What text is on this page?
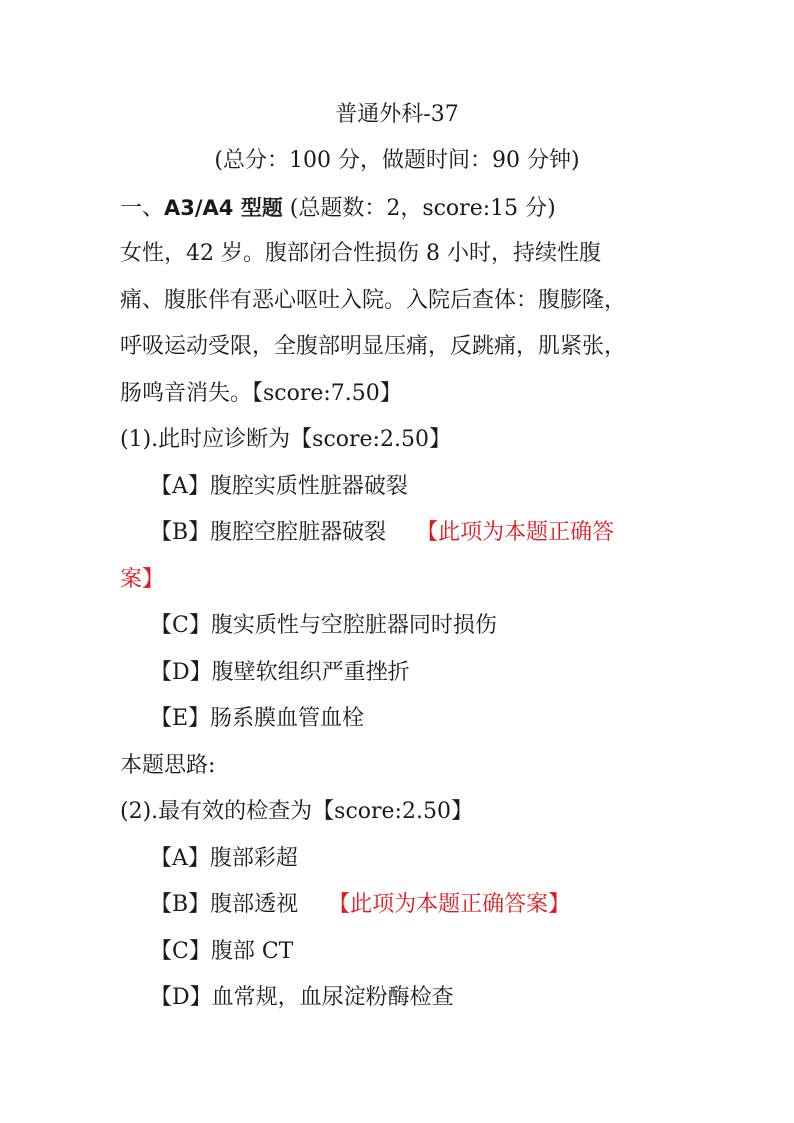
普通外科-37
(总分：100 分，做题时间：90 分钟)
一、A3/A4 型题 (总题数：2，score:15 分)
女性，42 岁。腹部闭合性损伤 8 小时，持续性腹
痛、腹胀伴有恶心呕吐入院。入院后查体：腹膨隆，
呼吸运动受限，全腹部明显压痛，反跳痛，肌紧张，
肠鸣音消失。【score:7.50】
(1).此时应诊断为【score:2.50】
【A】腹腔实质性脏器破裂
【B】腹腔空腔脏器破裂 【此项为本题正确答
案】
【C】腹实质性与空腔脏器同时损伤
【D】腹壁软组织严重挫折
【E】肠系膜血管血栓
本题思路:
(2).最有效的检查为【score:2.50】
【A】腹部彩超
【B】腹部透视 【此项为本题正确答案】
【C】腹部 CT
【D】血常规，血尿淀粉酶检查
